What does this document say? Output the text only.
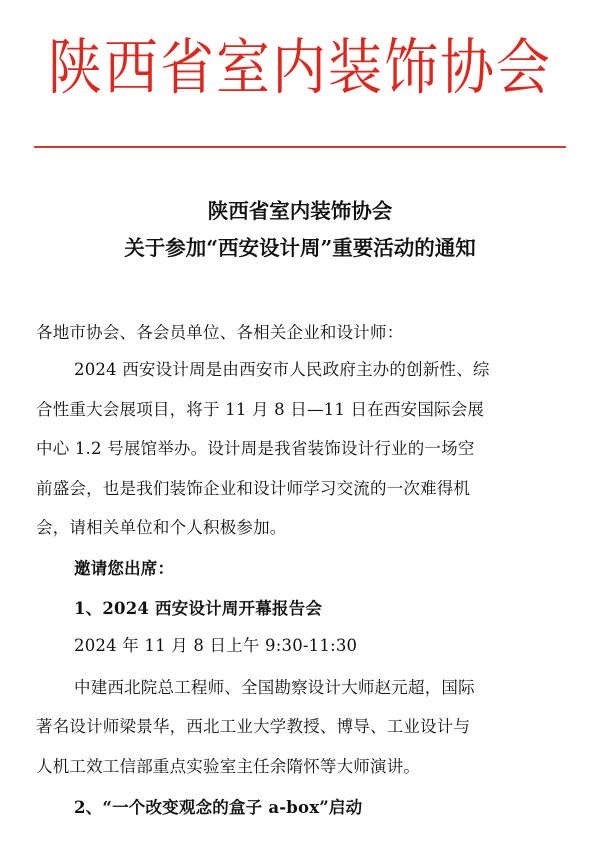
陕西省室内装饰协会
陕西省室内装饰协会
关于参加“西安设计周”重要活动的通知
各地市协会、各会员单位、各相关企业和设计师：
2024 西安设计周是由西安市人民政府主办的创新性、综
合性重大会展项目，将于 11 月 8 日—11 日在西安国际会展
中心 1.2 号展馆举办。设计周是我省装饰设计行业的一场空
前盛会，也是我们装饰企业和设计师学习交流的一次难得机
会，请相关单位和个人积极参加。
邀请您出席：
1、2024 西安设计周开幕报告会
2024 年 11 月 8 日上午 9:30-11:30
中建西北院总工程师、全国勘察设计大师赵元超，国际
著名设计师梁景华，西北工业大学教授、博导、工业设计与
人机工效工信部重点实验室主任余隋怀等大师演讲。
2、“一个改变观念的盒子 a-box”启动
